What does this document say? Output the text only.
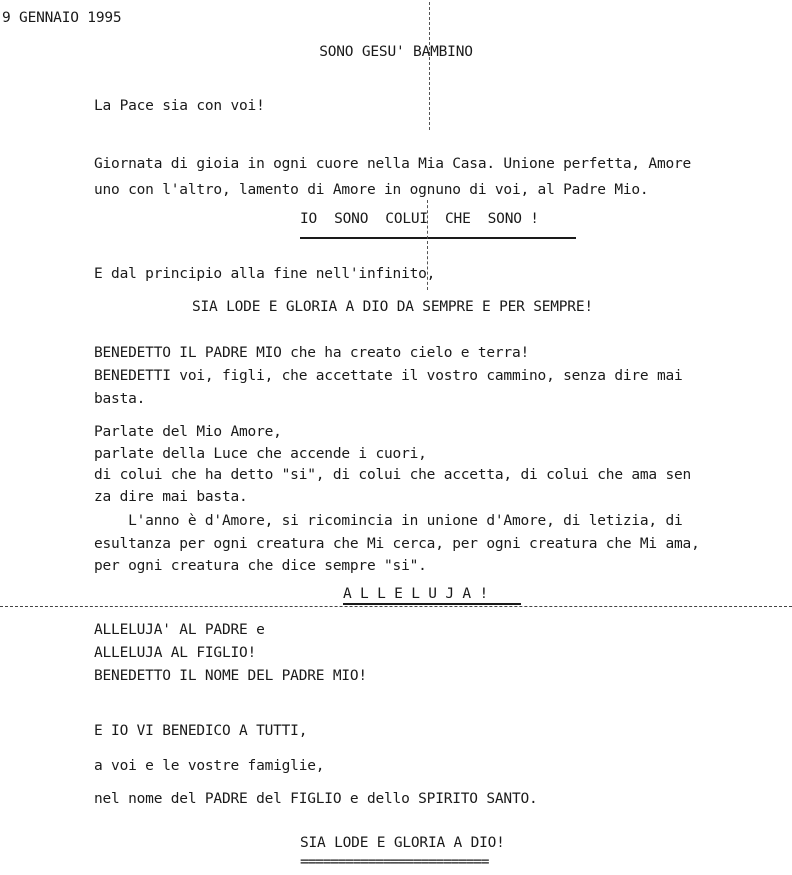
9 GENNAIO 1995
SONO GESU' BAMBINO
La Pace sia con voi!
Giornata di gioia in ogni cuore nella Mia Casa. Unione perfetta, Amore
uno con l'altro, lamento di Amore in ognuno di voi, al Padre Mio.
IO  SONO  COLUI  CHE  SONO !
E dal principio alla fine nell'infinito,
SIA LODE E GLORIA A DIO DA SEMPRE E PER SEMPRE!
BENEDETTO IL PADRE MIO che ha creato cielo e terra!
BENEDETTI voi, figli, che accettate il vostro cammino, senza dire mai
basta.
Parlate del Mio Amore,
parlate della Luce che accende i cuori,
di colui che ha detto "si", di colui che accetta, di colui che ama sen
za dire mai basta.
L'anno è d'Amore, si ricomincia in unione d'Amore, di letizia, di
esultanza per ogni creatura che Mi cerca, per ogni creatura che Mi ama,
per ogni creatura che dice sempre "si".
A L L E L U J A !
ALLELUJA' AL PADRE e
ALLELUJA AL FIGLIO!
BENEDETTO IL NOME DEL PADRE MIO!
E IO VI BENEDICO A TUTTI,
a voi e le vostre famiglie,
nel nome del PADRE del FIGLIO e dello SPIRITO SANTO.
SIA LODE E GLORIA A DIO!
=========================
